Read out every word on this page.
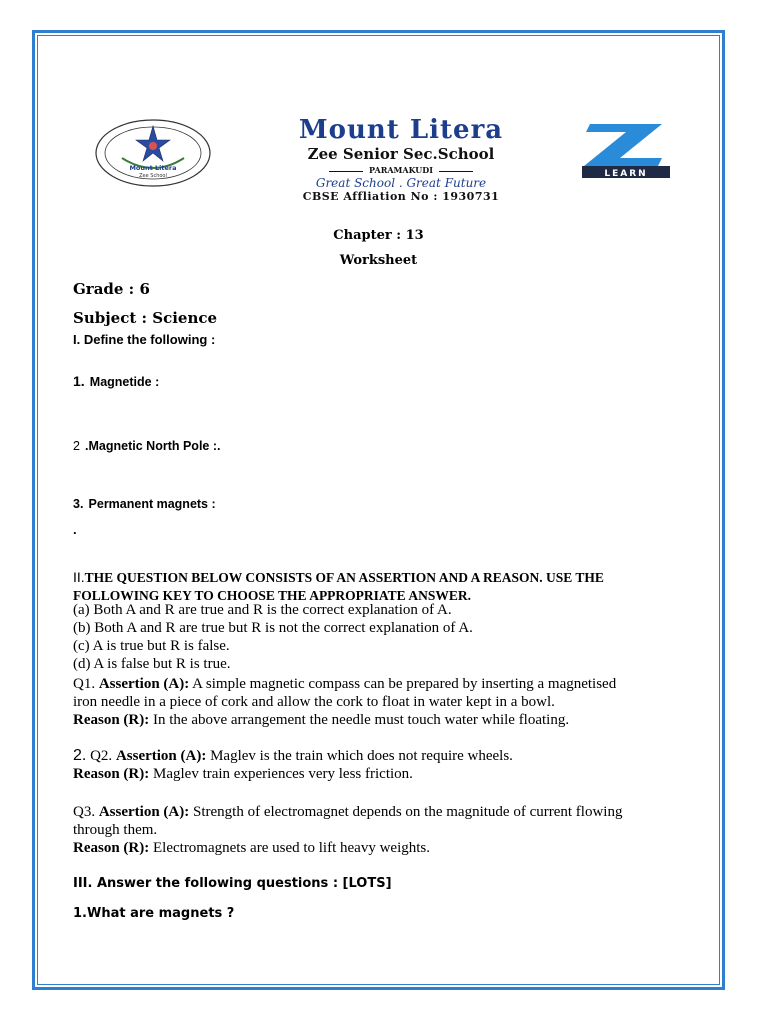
Mount Litera
Zee School
Mount Litera
Zee Senior Sec.School
PARAMAKUDI
Great School . Great Future
CBSE Affliation No : 1930731
LEARN
Chapter : 13
Worksheet
Grade : 6
Subject : Science
I. Define the following :
1. Magnetide :
2 .Magnetic North Pole :.
3. Permanent magnets :
.
II.THE QUESTION BELOW CONSISTS OF AN ASSERTION AND A REASON. USE THE
FOLLOWING KEY TO CHOOSE THE APPROPRIATE ANSWER.
(a) Both A and R are true and R is the correct explanation of A.
(b) Both A and R are true but R is not the correct explanation of A.
(c) A is true but R is false.
(d) A is false but R is true.
Q1. Assertion (A): A simple magnetic compass can be prepared by inserting a magnetised
iron needle in a piece of cork and allow the cork to float in water kept in a bowl.
Reason (R): In the above arrangement the needle must touch water while floating.
2. Q2. Assertion (A): Maglev is the train which does not require wheels.
Reason (R): Maglev train experiences very less friction.
Q3. Assertion (A): Strength of electromagnet depends on the magnitude of current flowing
through them.
Reason (R): Electromagnets are used to lift heavy weights.
III. Answer the following questions : [LOTS]
1.What are magnets ?
